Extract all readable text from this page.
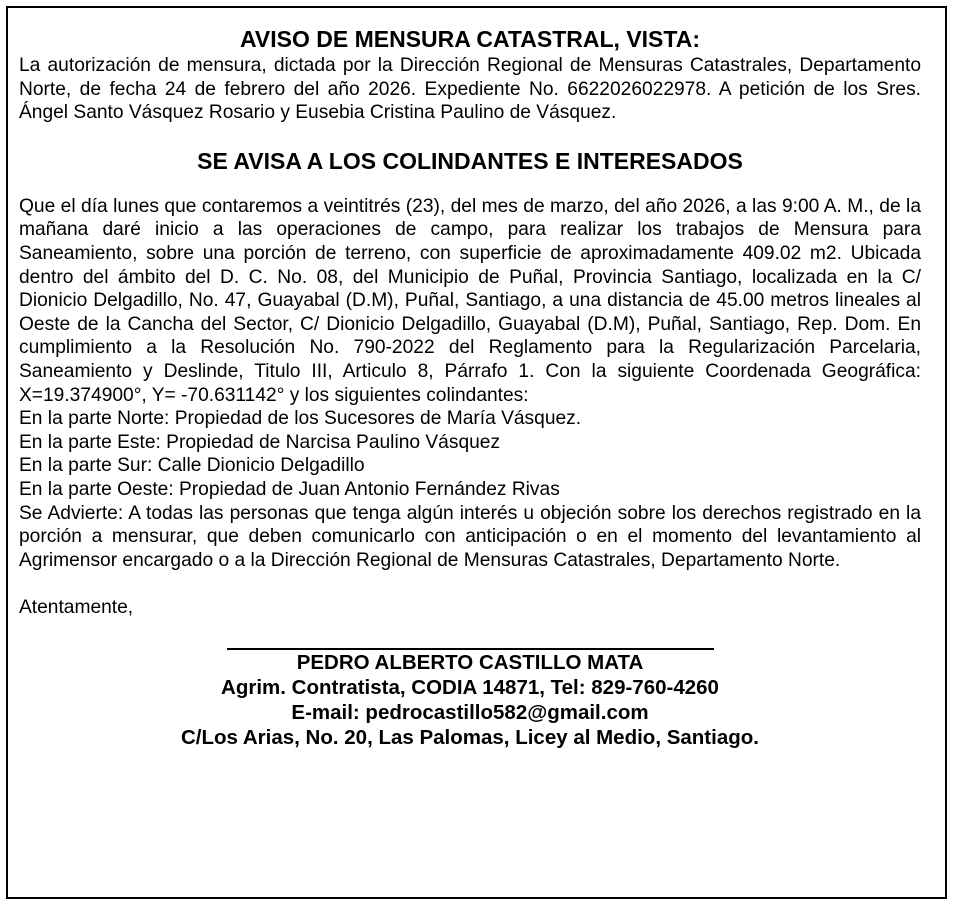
AVISO DE MENSURA CATASTRAL, VISTA:

La autorización de mensura, dictada por la Dirección Regional de Mensuras Catastrales, Departamento Norte, de fecha 24 de febrero del año 2026. Expediente No. 6622026022978. A petición de los Sres. Ángel Santo Vásquez Rosario y Eusebia Cristina Paulino de Vásquez.

SE AVISA A LOS COLINDANTES E INTERESADOS

Que el día lunes que contaremos a veintitrés (23), del mes de marzo, del año 2026, a las 9:00 A. M., de la mañana daré inicio a las operaciones de campo, para realizar los trabajos de Mensura para Saneamiento, sobre una porción de terreno, con superficie de aproximadamente 409.02 m2. Ubicada dentro del ámbito del D. C. No. 08, del Municipio de Puñal, Provincia Santiago, localizada en la C/ Dionicio Delgadillo, No. 47, Guayabal (D.M), Puñal, Santiago, a una distancia de 45.00 metros lineales al Oeste de la Cancha del Sector, C/ Dionicio Delgadillo, Guayabal (D.M), Puñal, Santiago, Rep. Dom. En cumplimiento a la Resolución No. 790-2022 del Reglamento para la Regularización Parcelaria, Saneamiento y Deslinde, Titulo III, Articulo 8, Párrafo 1. Con la siguiente Coordenada Geográfica: X=19.374900°, Y= -70.631142° y los siguientes colindantes:

En la parte Norte: Propiedad de los Sucesores de María Vásquez.
En la parte Este: Propiedad de Narcisa Paulino Vásquez
En la parte Sur: Calle Dionicio Delgadillo
En la parte Oeste: Propiedad de Juan Antonio Fernández Rivas

Se Advierte: A todas las personas que tenga algún interés u objeción sobre los derechos registrado en la porción a mensurar, que deben comunicarlo con anticipación o en el momento del levantamiento al Agrimensor encargado o a la Dirección Regional de Mensuras Catastrales, Departamento Norte.

Atentamente,

PEDRO ALBERTO CASTILLO MATA
Agrim. Contratista, CODIA 14871, Tel: 829-760-4260
E-mail: pedrocastillo582@gmail.com
C/Los Arias, No. 20, Las Palomas, Licey al Medio, Santiago.
